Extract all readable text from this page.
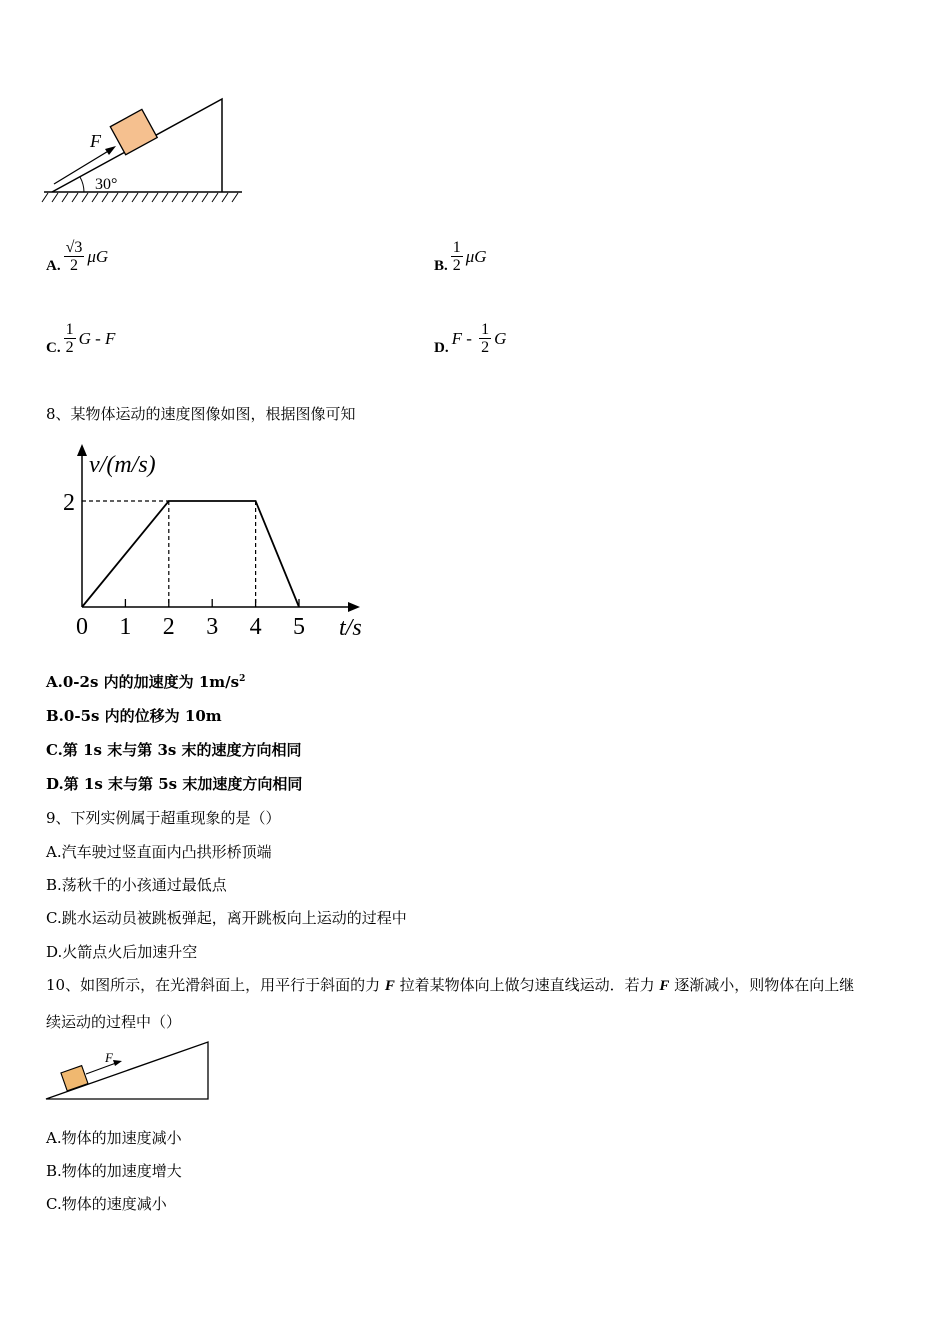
30°
F
A. $\frac{√3}{2}$ μG
B. $\frac{1}{2}$ μG
C. $\frac{1}{2}$ G - F
D.
F - $\frac{1}{2}$ G
8、某物体运动的速度图像如图，根据图像可知
v/(m/s)
t/s
0 1 2 3 4 5
2
A.0-2s 内的加速度为 $1m/s^2$
B.0-5s 内的位移为 10m
C.第 1s 末与第 3s 末的速度方向相同
D.第 1s 末与第 5s 末加速度方向相同
9、下列实例属于超重现象的是（）
A.汽车驶过竖直面内凸拱形桥顶端
B.荡秋千的小孩通过最低点
C.跳水运动员被跳板弹起，离开跳板向上运动的过程中
D.火箭点火后加速升空
10、如图所示，在光滑斜面上，用平行于斜面的力 F 拉着某物体向上做匀速直线运动．若力 F 逐渐减小，则物体在向上继
续运动的过程中（）
F
A.物体的加速度减小
B.物体的加速度增大
C.物体的速度减小
